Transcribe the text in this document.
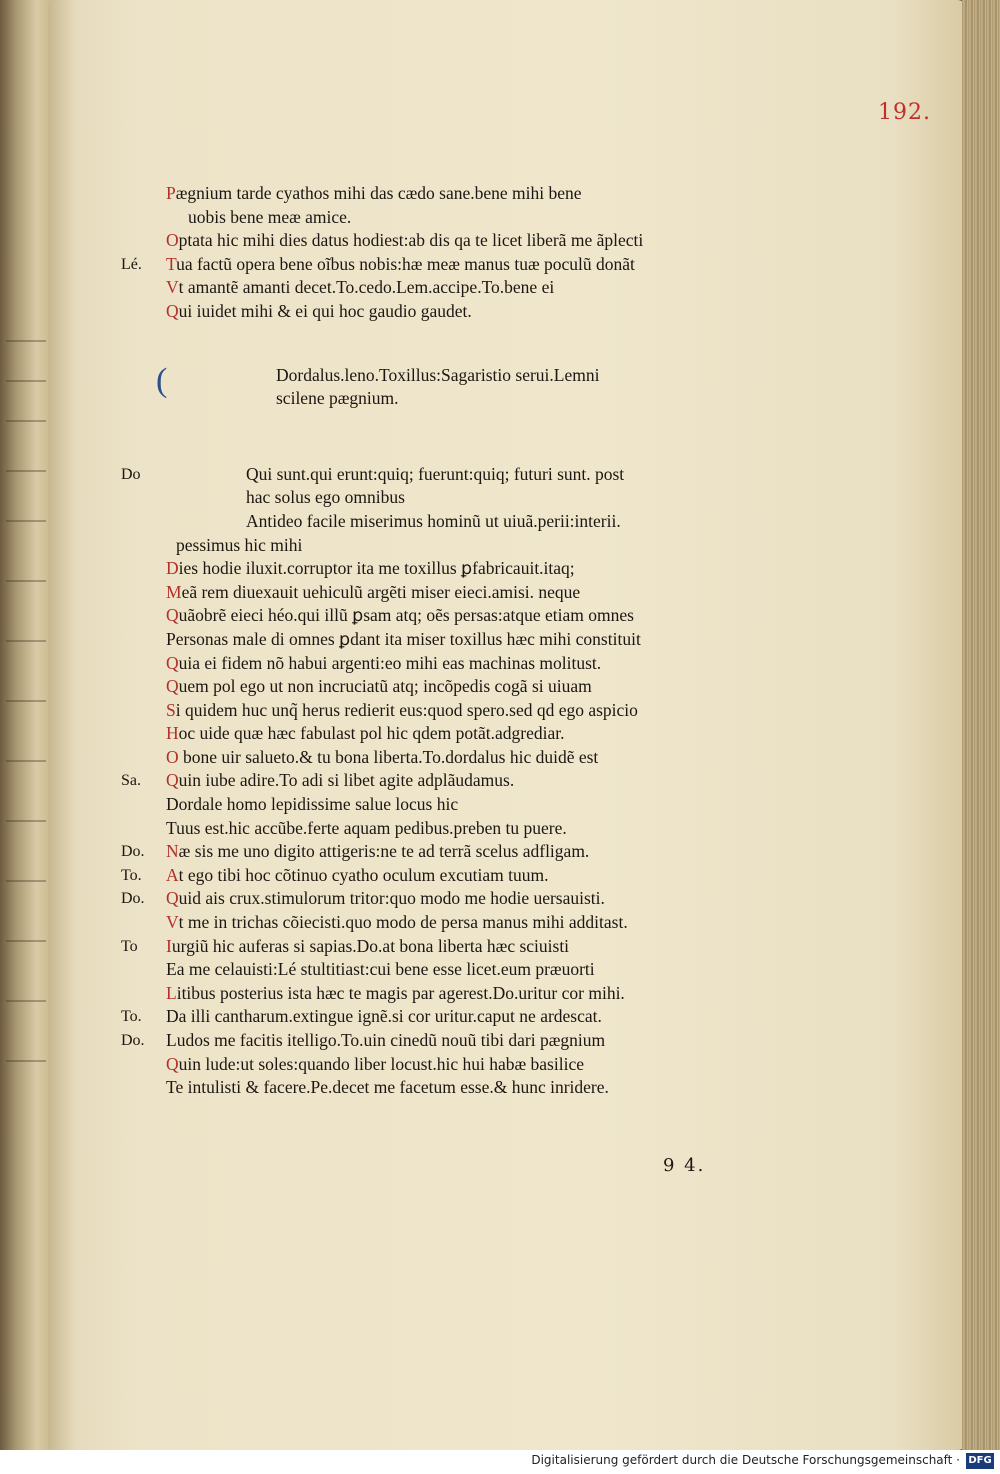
192.
Pægnium tarde cyathos mihi das cædo sane.bene mihi bene
uobis bene meæ amice.
Optata hic mihi dies datus hodiest:ab dis qa te licet liberã me ãplecti
Lé. Tua factũ opera bene oĩbus nobis:hæ meæ manus tuæ poculũ donãt
Vt amantẽ amanti decet.To.cedo.Lem.accipe.To.bene ei
Qui iuidet mihi & ei qui hoc gaudio gaudet.
(	Dordalus.leno.Toxillus:Sagaristio serui.Lemni
scilene pægnium.
Do	Qui sunt.qui erunt:quiq; fuerunt:quiq; futuri sunt. post
hac solus ego omnibus
Antideo facile miserimus hominũ ut uiuã.perii:interii.
pessimus hic mihi
Dies hodie iluxit.corruptor ita me toxillus ꝑfabricauit.itaq;
Meã rem diuexauit uehiculũ argẽti miser eieci.amisi. neque
Quãobrẽ eieci héo.qui illũ ꝑsam atq; oẽs persas:atque etiam omnes
Personas male di omnes ꝑdant ita miser toxillus hæc mihi constituit
Quia ei fidem nõ habui argenti:eo mihi eas machinas molitust.
Quem pol ego ut non incruciatũ atq; incõpedis cogã si uiuam
Si quidem huc unq̃ herus redierit eus:quod spero.sed qd ego aspicio
Hoc uide quæ hæc fabulast pol hic qdem potãt.adgrediar.
O bone uir salueto.& tu bona liberta.To.dordalus hic duidẽ est
Sa. Quin iube adire.To adi si libet agite adplãudamus.
Dordale homo lepidissime salue locus hic
Tuus est.hic accũbe.ferte aquam pedibus.preben tu puere.
Do. Næ sis me uno digito attigeris:ne te ad terrã scelus adfligam.
To. At ego tibi hoc cõtinuo cyatho oculum excutiam tuum.
Do. Quid ais crux.stimulorum tritor:quo modo me hodie uersauisti.
Vt me in trichas cõiecisti.quo modo de persa manus mihi additast.
To Iurgiũ hic auferas si sapias.Do.at bona liberta hæc sciuisti
Ea me celauisti:Lé stultitiast:cui bene esse licet.eum præuorti
Litibus posterius ista hæc te magis par agerest.Do.uritur cor mihi.
To. Da illi cantharum.extingue ignẽ.si cor uritur.caput ne ardescat.
Do. Ludos me facitis itelligo.To.uin cinedũ nouũ tibi dari pægnium
Quin lude:ut soles:quando liber locust.hic hui habæ basilice
Te intulisti & facere.Pe.decet me facetum esse.& hunc inridere.
9 4.
Digitalisierung gefördert durch die Deutsche Forschungsgemeinschaft · DFG
